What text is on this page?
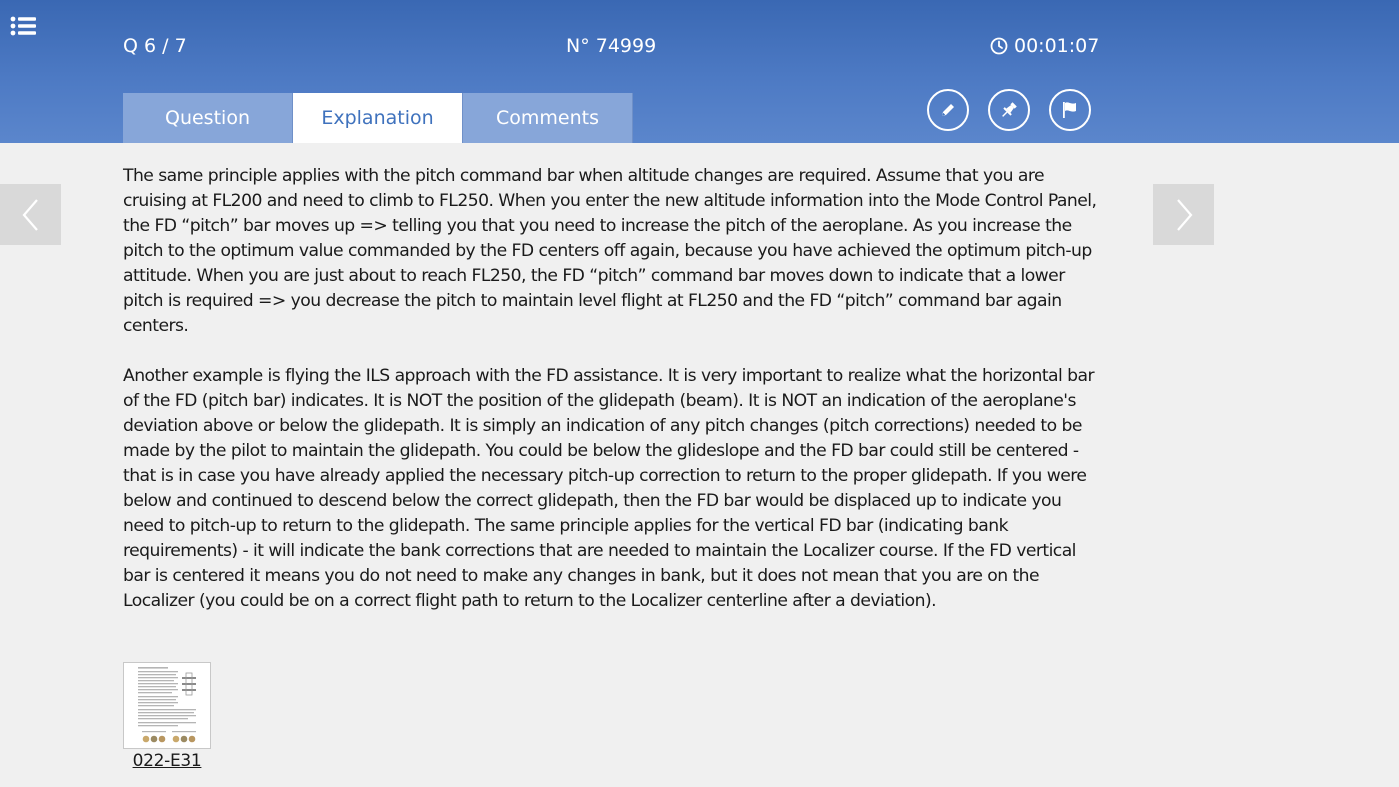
Q 6 / 7	N° 74999	00:01:07
Question	Explanation	Comments

The same principle applies with the pitch command bar when altitude changes are required. Assume that you are cruising at FL200 and need to climb to FL250. When you enter the new altitude information into the Mode Control Panel, the FD “pitch” bar moves up => telling you that you need to increase the pitch of the aeroplane. As you increase the pitch to the optimum value commanded by the FD centers off again, because you have achieved the optimum pitch-up attitude. When you are just about to reach FL250, the FD “pitch” command bar moves down to indicate that a lower pitch is required => you decrease the pitch to maintain level flight at FL250 and the FD “pitch” command bar again centers.

Another example is flying the ILS approach with the FD assistance. It is very important to realize what the horizontal bar of the FD (pitch bar) indicates. It is NOT the position of the glidepath (beam). It is NOT an indication of the aeroplane's deviation above or below the glidepath. It is simply an indication of any pitch changes (pitch corrections) needed to be made by the pilot to maintain the glidepath. You could be below the glideslope and the FD bar could still be centered - that is in case you have already applied the necessary pitch-up correction to return to the proper glidepath. If you were below and continued to descend below the correct glidepath, then the FD bar would be displaced up to indicate you need to pitch-up to return to the glidepath. The same principle applies for the vertical FD bar (indicating bank requirements) - it will indicate the bank corrections that are needed to maintain the Localizer course. If the FD vertical bar is centered it means you do not need to make any changes in bank, but it does not mean that you are on the Localizer (you could be on a correct flight path to return to the Localizer centerline after a deviation).

022-E31
